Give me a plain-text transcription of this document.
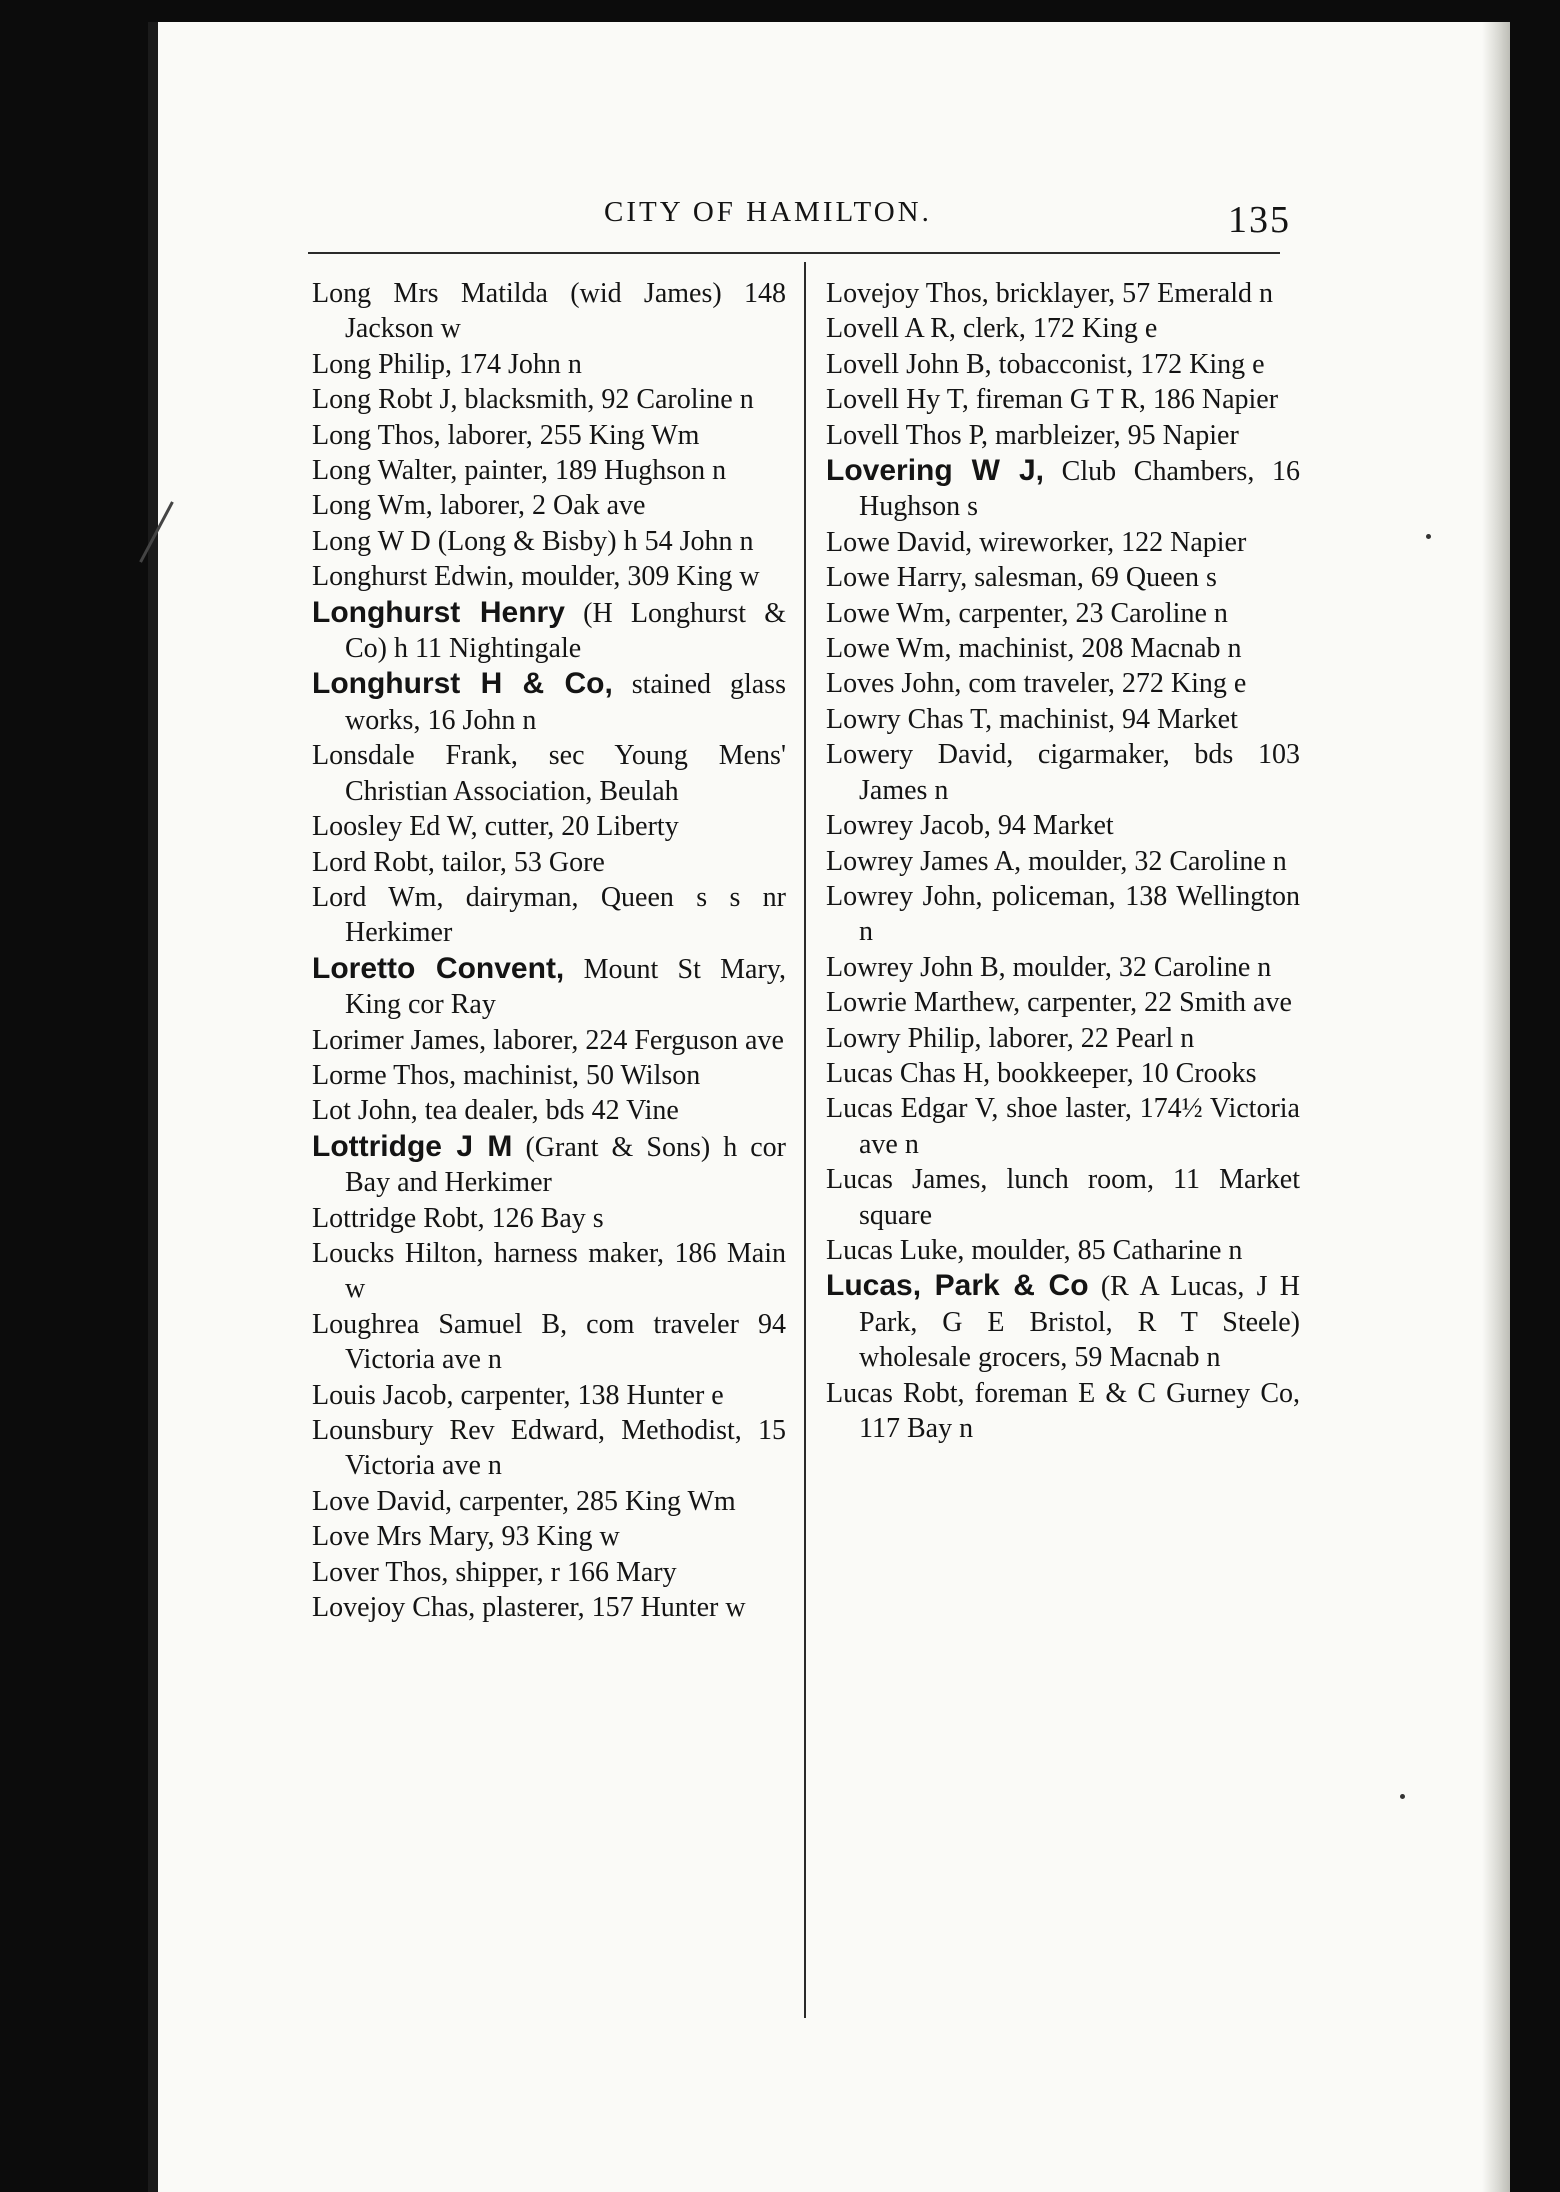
CITY OF HAMILTON.	135
Long Mrs Matilda (wid James) 148 Jackson w
Long Philip, 174 John n
Long Robt J, blacksmith, 92 Caroline n
Long Thos, laborer, 255 King Wm
Long Walter, painter, 189 Hughson n
Long Wm, laborer, 2 Oak ave
Long W D (Long & Bisby) h 54 John n
Longhurst Edwin, moulder, 309 King w
Longhurst Henry (H Longhurst & Co) h 11 Nightingale
Longhurst H & Co, stained glass works, 16 John n
Lonsdale Frank, sec Young Mens' Christian Association, Beulah
Loosley Ed W, cutter, 20 Liberty
Lord Robt, tailor, 53 Gore
Lord Wm, dairyman, Queen s s nr Herkimer
Loretto Convent, Mount St Mary, King cor Ray
Lorimer James, laborer, 224 Ferguson ave
Lorme Thos, machinist, 50 Wilson
Lot John, tea dealer, bds 42 Vine
Lottridge J M (Grant & Sons) h cor Bay and Herkimer
Lottridge Robt, 126 Bay s
Loucks Hilton, harness maker, 186 Main w
Loughrea Samuel B, com traveler 94 Victoria ave n
Louis Jacob, carpenter, 138 Hunter e
Lounsbury Rev Edward, Methodist, 15 Victoria ave n
Love David, carpenter, 285 King Wm
Love Mrs Mary, 93 King w
Lover Thos, shipper, r 166 Mary
Lovejoy Chas, plasterer, 157 Hunter w
Lovejoy Thos, bricklayer, 57 Emerald n
Lovell A R, clerk, 172 King e
Lovell John B, tobacconist, 172 King e
Lovell Hy T, fireman G T R, 186 Napier
Lovell Thos P, marbleizer, 95 Napier
Lovering W J, Club Chambers, 16 Hughson s
Lowe David, wireworker, 122 Napier
Lowe Harry, salesman, 69 Queen s
Lowe Wm, carpenter, 23 Caroline n
Lowe Wm, machinist, 208 Macnab n
Loves John, com traveler, 272 King e
Lowry Chas T, machinist, 94 Market
Lowery David, cigarmaker, bds 103 James n
Lowrey Jacob, 94 Market
Lowrey James A, moulder, 32 Caroline n
Lowrey John, policeman, 138 Wellington n
Lowrey John B, moulder, 32 Caroline n
Lowrie Marthew, carpenter, 22 Smith ave
Lowry Philip, laborer, 22 Pearl n
Lucas Chas H, bookkeeper, 10 Crooks
Lucas Edgar V, shoe laster, 174½ Victoria ave n
Lucas James, lunch room, 11 Market square
Lucas Luke, moulder, 85 Catharine n
Lucas, Park & Co (R A Lucas, J H Park, G E Bristol, R T Steele) wholesale grocers, 59 Macnab n
Lucas Robt, foreman E & C Gurney Co, 117 Bay n
